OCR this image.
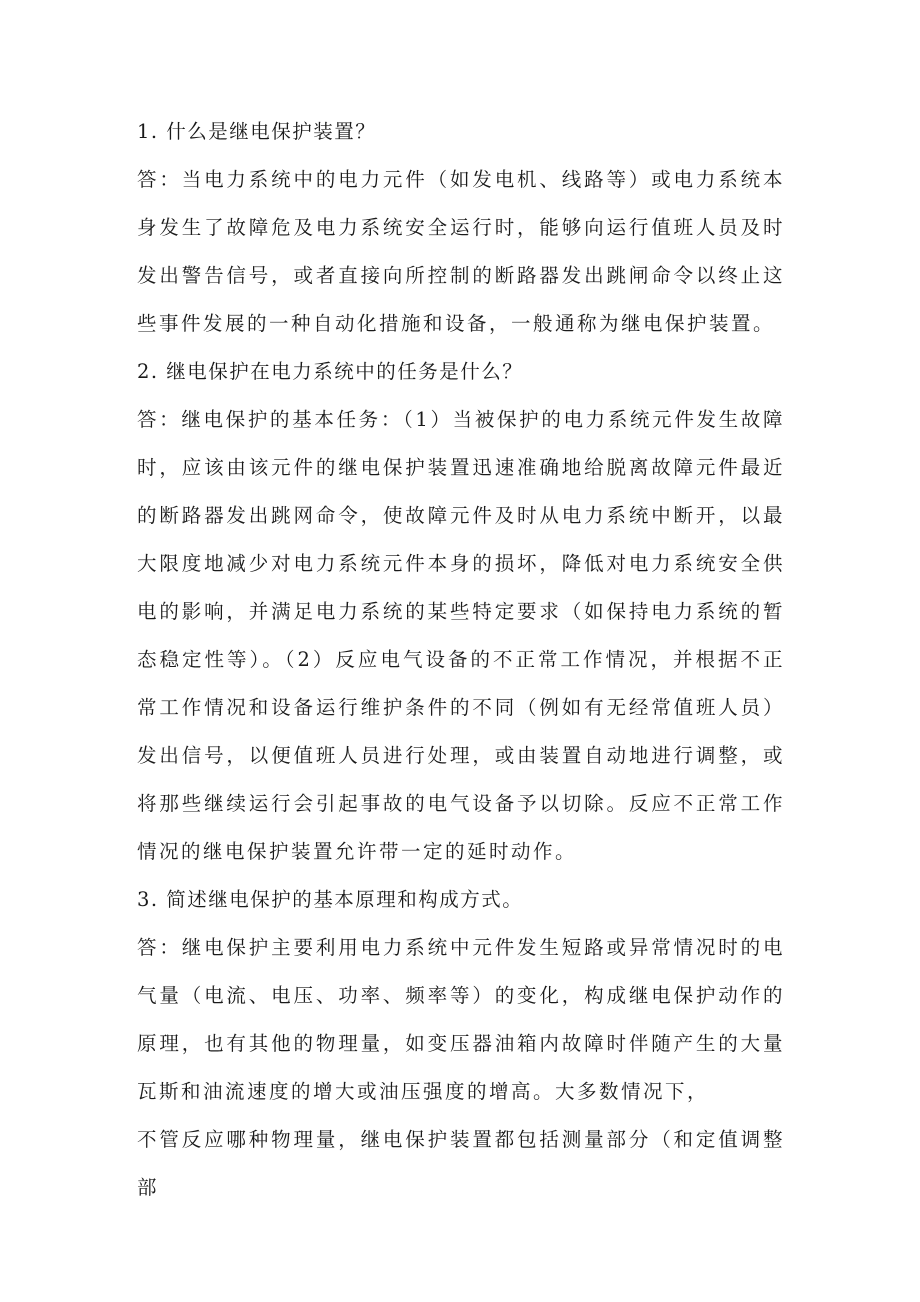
1. 什么是继电保护装置？

答：当电力系统中的电力元件（如发电机、线路等）或电力系统本身发生了故障危及电力系统安全运行时，能够向运行值班人员及时发出警告信号，或者直接向所控制的断路器发出跳闸命令以终止这些事件发展的一种自动化措施和设备，一般通称为继电保护装置。

2. 继电保护在电力系统中的任务是什么？

答：继电保护的基本任务：（1）当被保护的电力系统元件发生故障时，应该由该元件的继电保护装置迅速准确地给脱离故障元件最近的断路器发出跳网命令，使故障元件及时从电力系统中断开，以最大限度地减少对电力系统元件本身的损坏，降低对电力系统安全供电的影响，并满足电力系统的某些特定要求（如保持电力系统的暂态稳定性等）。（2）反应电气设备的不正常工作情况，并根据不正常工作情况和设备运行维护条件的不同（例如有无经常值班人员）发出信号，以便值班人员进行处理，或由装置自动地进行调整，或将那些继续运行会引起事故的电气设备予以切除。反应不正常工作情况的继电保护装置允许带一定的延时动作。

3. 简述继电保护的基本原理和构成方式。

答：继电保护主要利用电力系统中元件发生短路或异常情况时的电气量（电流、电压、功率、频率等）的变化，构成继电保护动作的原理，也有其他的物理量，如变压器油箱内故障时伴随产生的大量瓦斯和油流速度的增大或油压强度的增高。大多数情况下，

不管反应哪种物理量，继电保护装置都包括测量部分（和定值调整部
